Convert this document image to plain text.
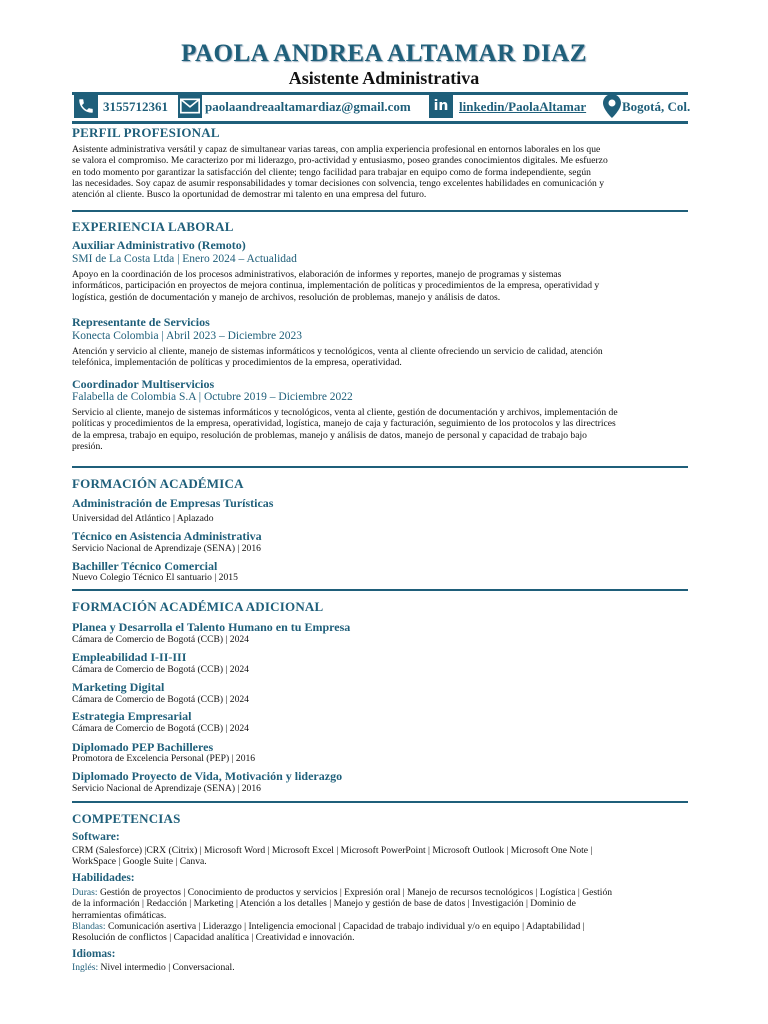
PAOLA ANDREA ALTAMAR DIAZ
Asistente Administrativa
3155712361	paolaandreaaltamardiaz@gmail.com	in linkedin/PaolaAltamar	Bogotá, Col.
PERFIL PROFESIONAL
Asistente administrativa versátil y capaz de simultanear varias tareas, con amplia experiencia profesional en entornos laborales en los que
se valora el compromiso. Me caracterizo por mi liderazgo, pro-actividad y entusiasmo, poseo grandes conocimientos digitales. Me esfuerzo
en todo momento por garantizar la satisfacción del cliente; tengo facilidad para trabajar en equipo como de forma independiente, según
las necesidades. Soy capaz de asumir responsabilidades y tomar decisiones con solvencia, tengo excelentes habilidades en comunicación y
atención al cliente. Busco la oportunidad de demostrar mi talento en una empresa del futuro.
EXPERIENCIA LABORAL
Auxiliar Administrativo (Remoto)
SMI de La Costa Ltda | Enero 2024 – Actualidad
Apoyo en la coordinación de los procesos administrativos, elaboración de informes y reportes, manejo de programas y sistemas
informáticos, participación en proyectos de mejora continua, implementación de políticas y procedimientos de la empresa, operatividad y
logística, gestión de documentación y manejo de archivos, resolución de problemas, manejo y análisis de datos.
Representante de Servicios
Konecta Colombia | Abril 2023 – Diciembre 2023
Atención y servicio al cliente, manejo de sistemas informáticos y tecnológicos, venta al cliente ofreciendo un servicio de calidad, atención
telefónica, implementación de políticas y procedimientos de la empresa, operatividad.
Coordinador Multiservicios
Falabella de Colombia S.A | Octubre 2019 – Diciembre 2022
Servicio al cliente, manejo de sistemas informáticos y tecnológicos, venta al cliente, gestión de documentación y archivos, implementación de
políticas y procedimientos de la empresa, operatividad, logística, manejo de caja y facturación, seguimiento de los protocolos y las directrices
de la empresa, trabajo en equipo, resolución de problemas, manejo y análisis de datos, manejo de personal y capacidad de trabajo bajo
presión.
FORMACIÓN ACADÉMICA
Administración de Empresas Turísticas
Universidad del Atlántico | Aplazado
Técnico en Asistencia Administrativa
Servicio Nacional de Aprendizaje (SENA) | 2016
Bachiller Técnico Comercial
Nuevo Colegio Técnico El santuario | 2015
FORMACIÓN ACADÉMICA ADICIONAL
Planea y Desarrolla el Talento Humano en tu Empresa
Cámara de Comercio de Bogotá (CCB) | 2024
Empleabilidad I-II-III
Cámara de Comercio de Bogotá (CCB) | 2024
Marketing Digital
Cámara de Comercio de Bogotá (CCB) | 2024
Estrategia Empresarial
Cámara de Comercio de Bogotá (CCB) | 2024
Diplomado PEP Bachilleres
Promotora de Excelencia Personal (PEP) | 2016
Diplomado Proyecto de Vida, Motivación y liderazgo
Servicio Nacional de Aprendizaje (SENA) | 2016
COMPETENCIAS
Software:
CRM (Salesforce) |CRX (Citrix) | Microsoft Word | Microsoft Excel | Microsoft PowerPoint | Microsoft Outlook | Microsoft One Note |
WorkSpace | Google Suite | Canva.
Habilidades:
Duras: Gestión de proyectos | Conocimiento de productos y servicios | Expresión oral | Manejo de recursos tecnológicos | Logística | Gestión
de la información | Redacción | Marketing | Atención a los detalles | Manejo y gestión de base de datos | Investigación | Dominio de
herramientas ofimáticas.
Blandas: Comunicación asertiva | Liderazgo | Inteligencia emocional | Capacidad de trabajo individual y/o en equipo | Adaptabilidad |
Resolución de conflictos | Capacidad analítica | Creatividad e innovación.
Idiomas:
Inglés: Nivel intermedio | Conversacional.
